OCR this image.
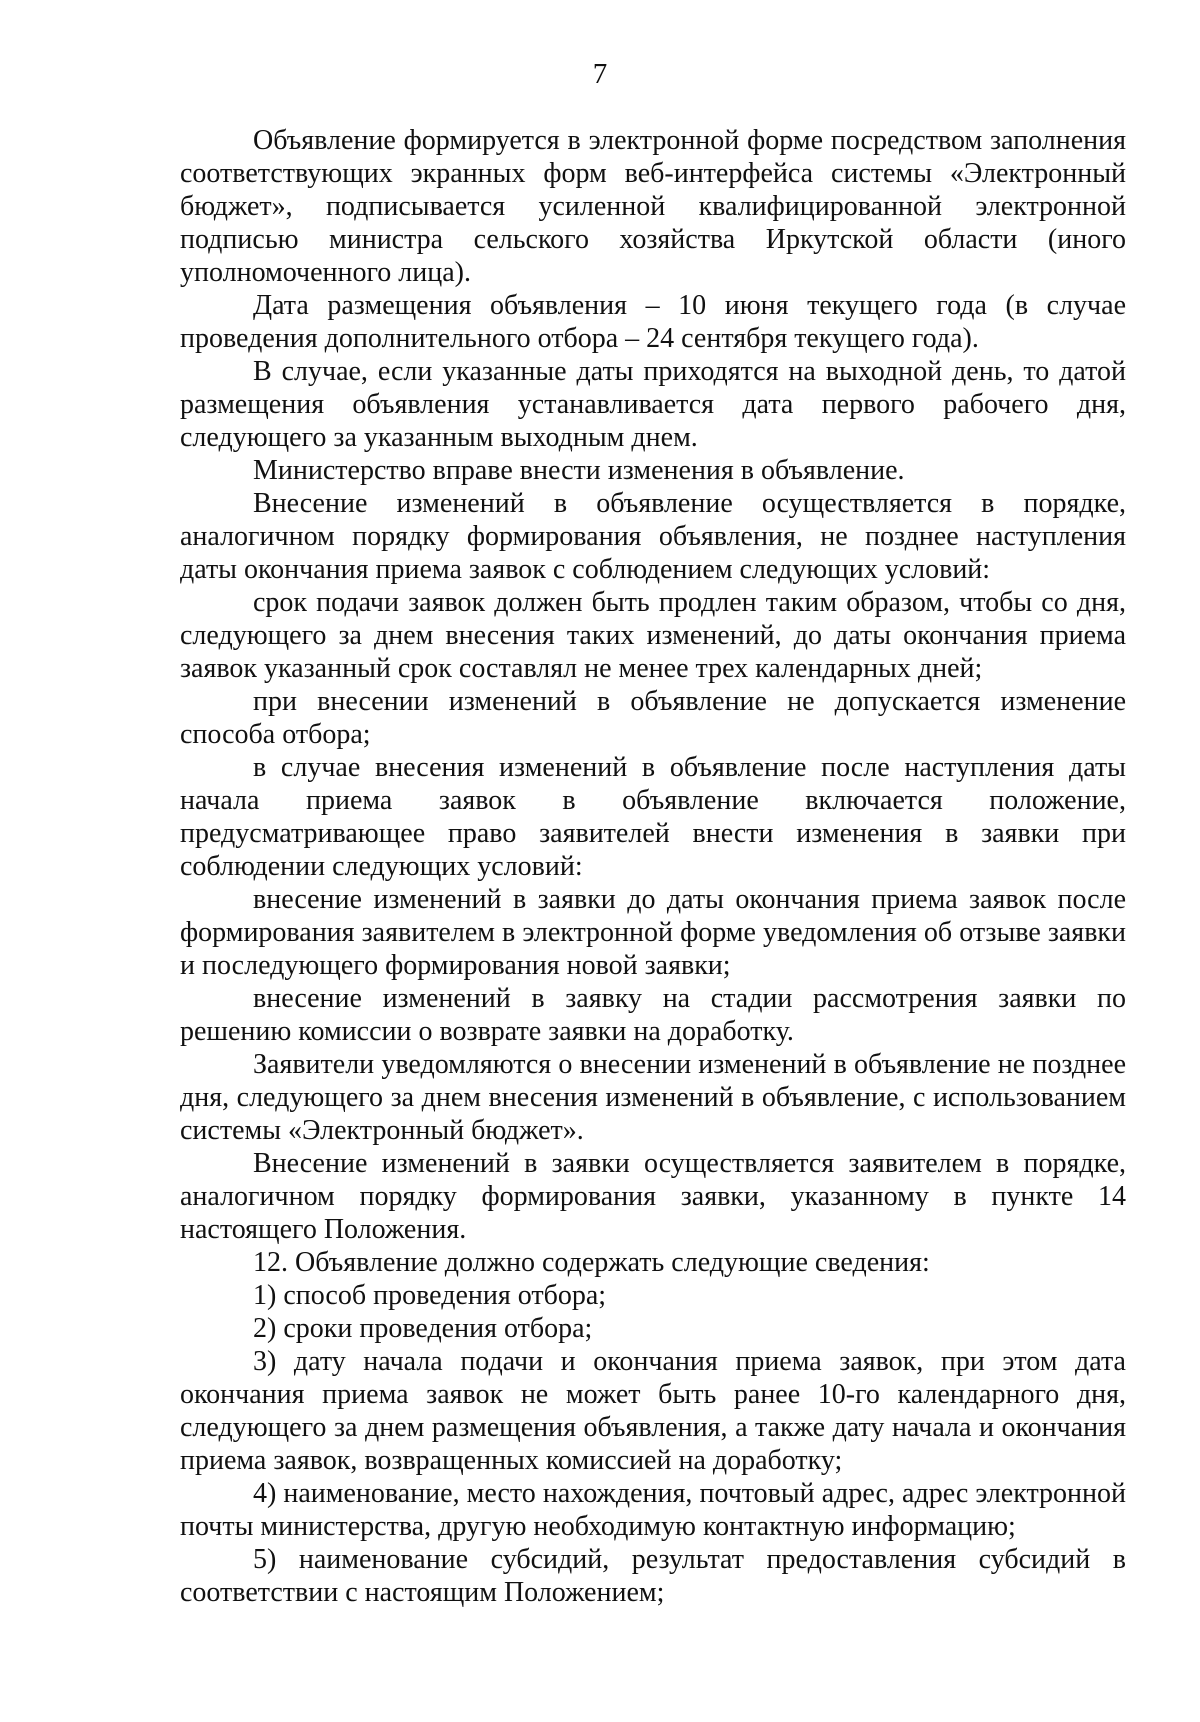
7

Объявление формируется в электронной форме посредством заполнения соответствующих экранных форм веб-интерфейса системы «Электронный бюджет», подписывается усиленной квалифицированной электронной подписью министра сельского хозяйства Иркутской области (иного уполномоченного лица).

Дата размещения объявления – 10 июня текущего года (в случае проведения дополнительного отбора – 24 сентября текущего года).

В случае, если указанные даты приходятся на выходной день, то датой размещения объявления устанавливается дата первого рабочего дня, следующего за указанным выходным днем.

Министерство вправе внести изменения в объявление.

Внесение изменений в объявление осуществляется в порядке, аналогичном порядку формирования объявления, не позднее наступления даты окончания приема заявок с соблюдением следующих условий:

срок подачи заявок должен быть продлен таким образом, чтобы со дня, следующего за днем внесения таких изменений, до даты окончания приема заявок указанный срок составлял не менее трех календарных дней;

при внесении изменений в объявление не допускается изменение способа отбора;

в случае внесения изменений в объявление после наступления даты начала приема заявок в объявление включается положение, предусматривающее право заявителей внести изменения в заявки при соблюдении следующих условий:

внесение изменений в заявки до даты окончания приема заявок после формирования заявителем в электронной форме уведомления об отзыве заявки и последующего формирования новой заявки;

внесение изменений в заявку на стадии рассмотрения заявки по решению комиссии о возврате заявки на доработку.

Заявители уведомляются о внесении изменений в объявление не позднее дня, следующего за днем внесения изменений в объявление, с использованием системы «Электронный бюджет».

Внесение изменений в заявки осуществляется заявителем в порядке, аналогичном порядку формирования заявки, указанному в пункте 14 настоящего Положения.

12. Объявление должно содержать следующие сведения:

1) способ проведения отбора;

2) сроки проведения отбора;

3) дату начала подачи и окончания приема заявок, при этом дата окончания приема заявок не может быть ранее 10-го календарного дня, следующего за днем размещения объявления, а также дату начала и окончания приема заявок, возвращенных комиссией на доработку;

4) наименование, место нахождения, почтовый адрес, адрес электронной почты министерства, другую необходимую контактную информацию;

5) наименование субсидий, результат предоставления субсидий в соответствии с настоящим Положением;
